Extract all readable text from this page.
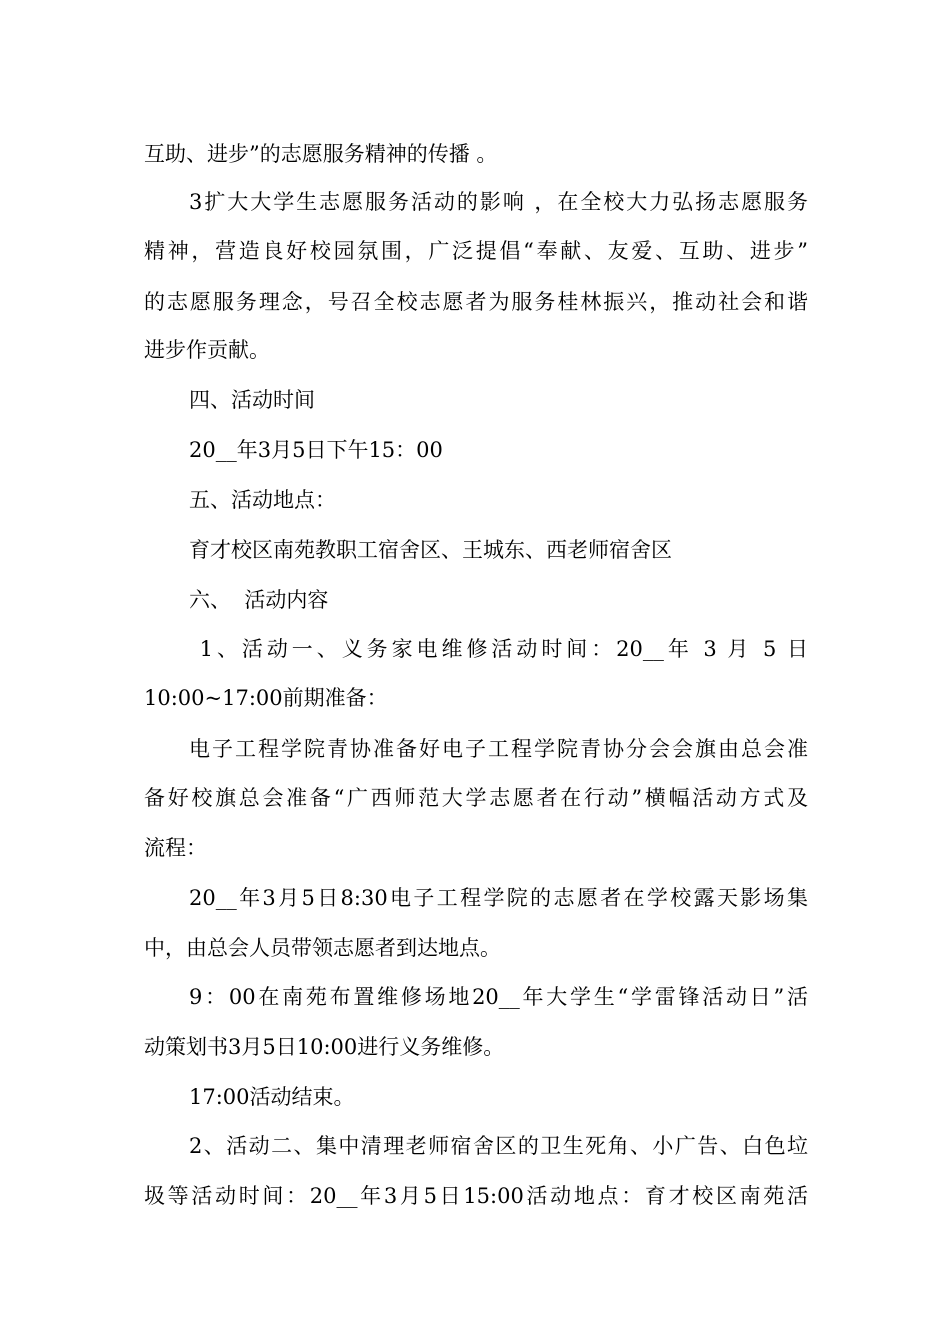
互助、进步”的志愿服务精神的传播 。
3扩大大学生志愿服务活动的影响 ，在全校大力弘扬志愿服务
精神，营造良好校园氛围，广泛提倡“奉献、友爱、互助、进步”
的志愿服务理念，号召全校志愿者为服务桂林振兴，推动社会和谐
进步作贡献。
四、活动时间
20__年3月5日下午15：00
五、活动地点：
育才校区南苑教职工宿舍区、王城东、西老师宿舍区
六、  活动内容
1、活动一、义务家电维修活动时间：20__年 3 月 5 日
10:00~17:00前期准备：
电子工程学院青协准备好电子工程学院青协分会会旗由总会准
备好校旗总会准备“广西师范大学志愿者在行动”横幅活动方式及
流程：
20__年3月5日8:30电子工程学院的志愿者在学校露天影场集
中，由总会人员带领志愿者到达地点。
9：00在南苑布置维修场地20__年大学生“学雷锋活动日”活
动策划书3月5日10:00进行义务维修。
17:00活动结束。
2、活动二、集中清理老师宿舍区的卫生死角、小广告、白色垃
圾等活动时间：20__年3月5日15:00活动地点：育才校区南苑活
